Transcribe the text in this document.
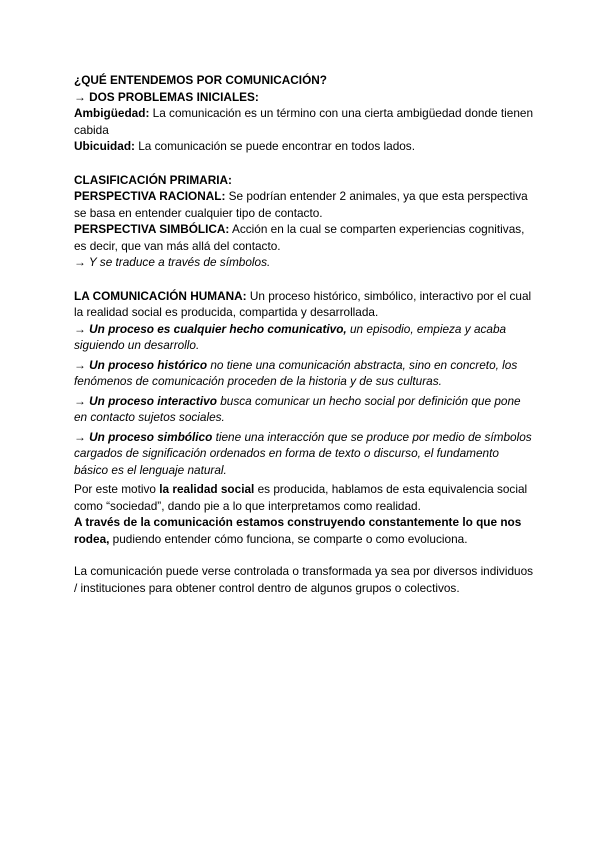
¿QUÉ ENTENDEMOS POR COMUNICACIÓN?

→ DOS PROBLEMAS INICIALES:

Ambigüedad: La comunicación es un término con una cierta ambigüedad donde tienen cabida

Ubicuidad: La comunicación se puede encontrar en todos lados.

CLASIFICACIÓN PRIMARIA:

PERSPECTIVA RACIONAL: Se podrían entender 2 animales, ya que esta perspectiva se basa en entender cualquier tipo de contacto.

PERSPECTIVA SIMBÓLICA: Acción en la cual se comparten experiencias cognitivas, es decir, que van más allá del contacto.

→ Y se traduce a través de símbolos.

LA COMUNICACIÓN HUMANA: Un proceso histórico, simbólico, interactivo por el cual la realidad social es producida, compartida y desarrollada.

→ Un proceso es cualquier hecho comunicativo, un episodio, empieza y acaba siguiendo un desarrollo.

→ Un proceso histórico no tiene una comunicación abstracta, sino en concreto, los fenómenos de comunicación proceden de la historia y de sus culturas.

→ Un proceso interactivo busca comunicar un hecho social por definición que pone en contacto sujetos sociales.

→ Un proceso simbólico tiene una interacción que se produce por medio de símbolos cargados de significación ordenados en forma de texto o discurso, el fundamento básico es el lenguaje natural.

Por este motivo la realidad social es producida, hablamos de esta equivalencia social como “sociedad”, dando pie a lo que interpretamos como realidad.

A través de la comunicación estamos construyendo constantemente lo que nos rodea, pudiendo entender cómo funciona, se comparte o como evoluciona.

La comunicación puede verse controlada o transformada ya sea por diversos individuos / instituciones para obtener control dentro de algunos grupos o colectivos.
